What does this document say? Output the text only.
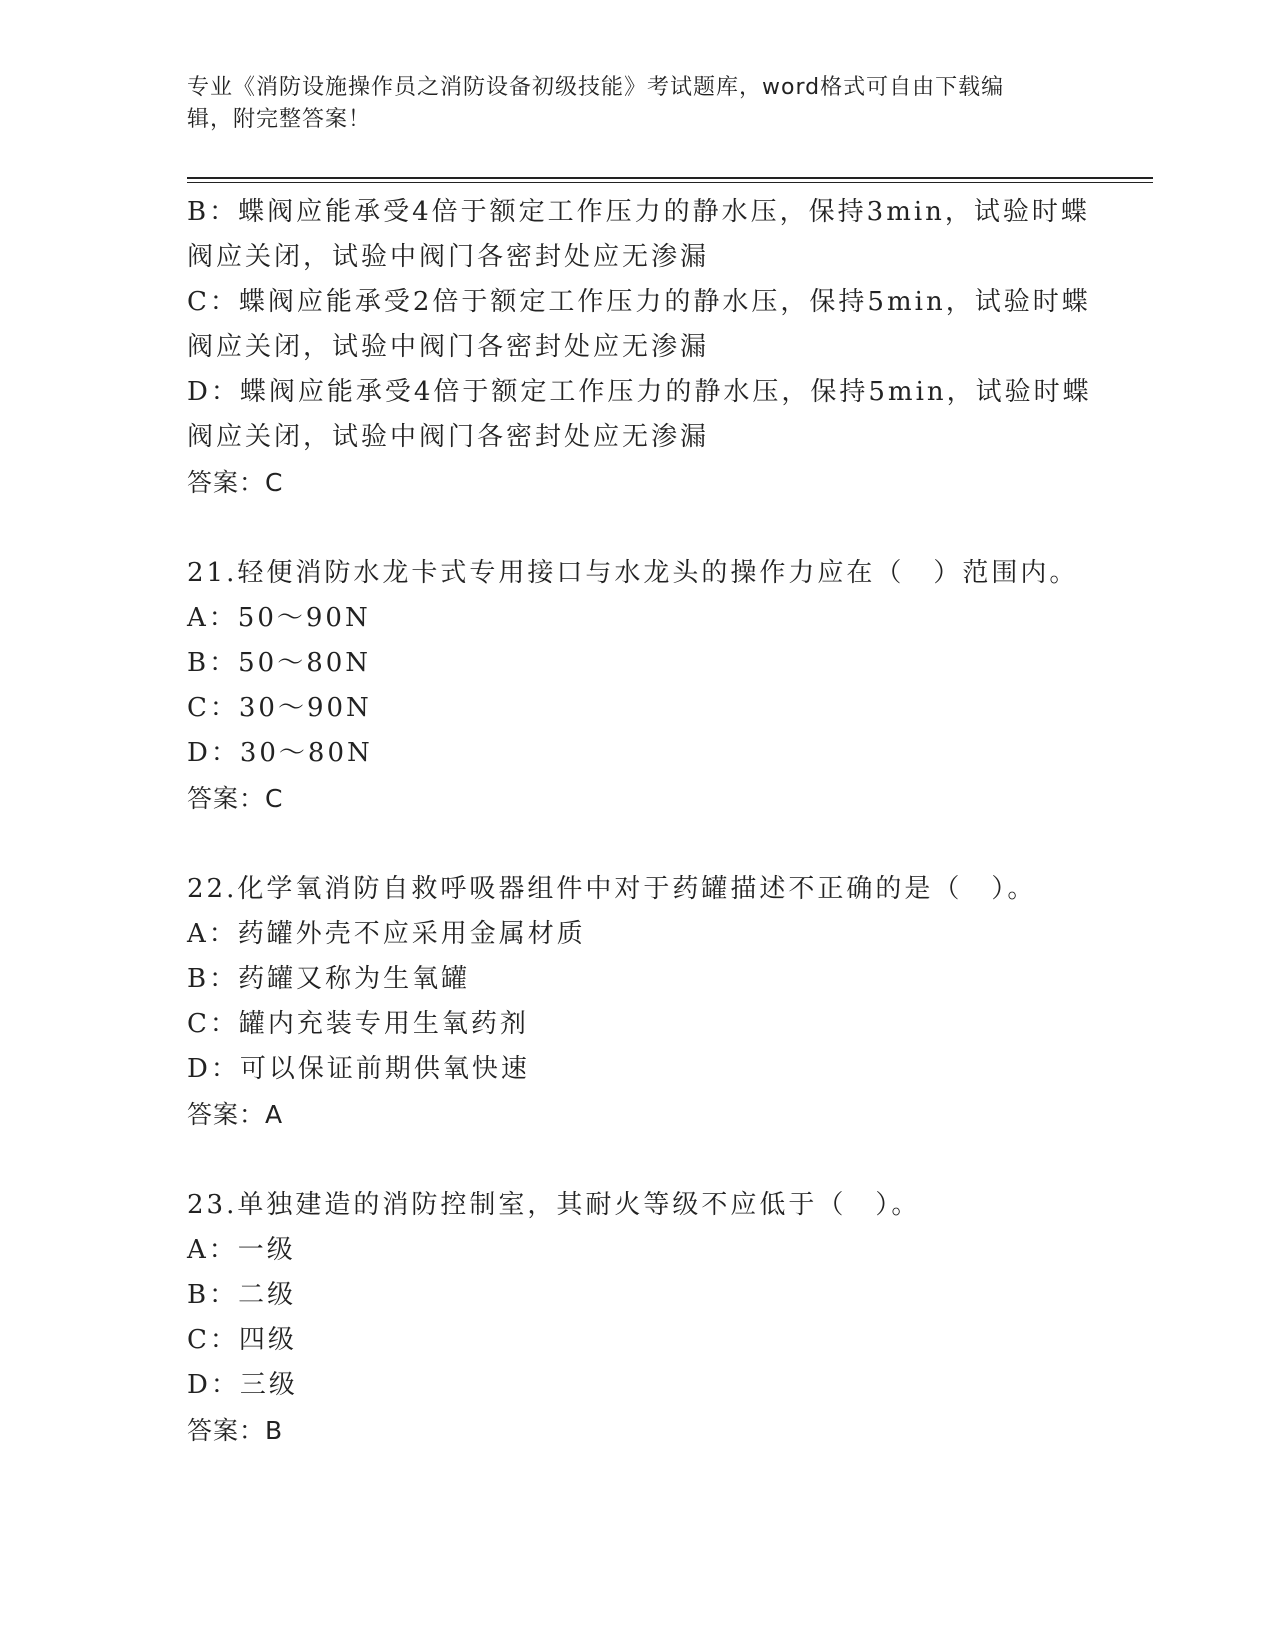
专业《消防设施操作员之消防设备初级技能》考试题库，word格式可自由下载编
辑，附完整答案！
B：蝶阀应能承受4倍于额定工作压力的静水压，保持3min，试验时蝶
阀应关闭，试验中阀门各密封处应无渗漏
C：蝶阀应能承受2倍于额定工作压力的静水压，保持5min，试验时蝶
阀应关闭，试验中阀门各密封处应无渗漏
D：蝶阀应能承受4倍于额定工作压力的静水压，保持5min，试验时蝶
阀应关闭，试验中阀门各密封处应无渗漏
答案：C
21.轻便消防水龙卡式专用接口与水龙头的操作力应在（　）范围内。
A：50～90N
B：50～80N
C：30～90N
D：30～80N
答案：C
22.化学氧消防自救呼吸器组件中对于药罐描述不正确的是（　）。
A：药罐外壳不应采用金属材质
B：药罐又称为生氧罐
C：罐内充装专用生氧药剂
D：可以保证前期供氧快速
答案：A
23.单独建造的消防控制室，其耐火等级不应低于（　）。
A：一级
B：二级
C：四级
D：三级
答案：B
